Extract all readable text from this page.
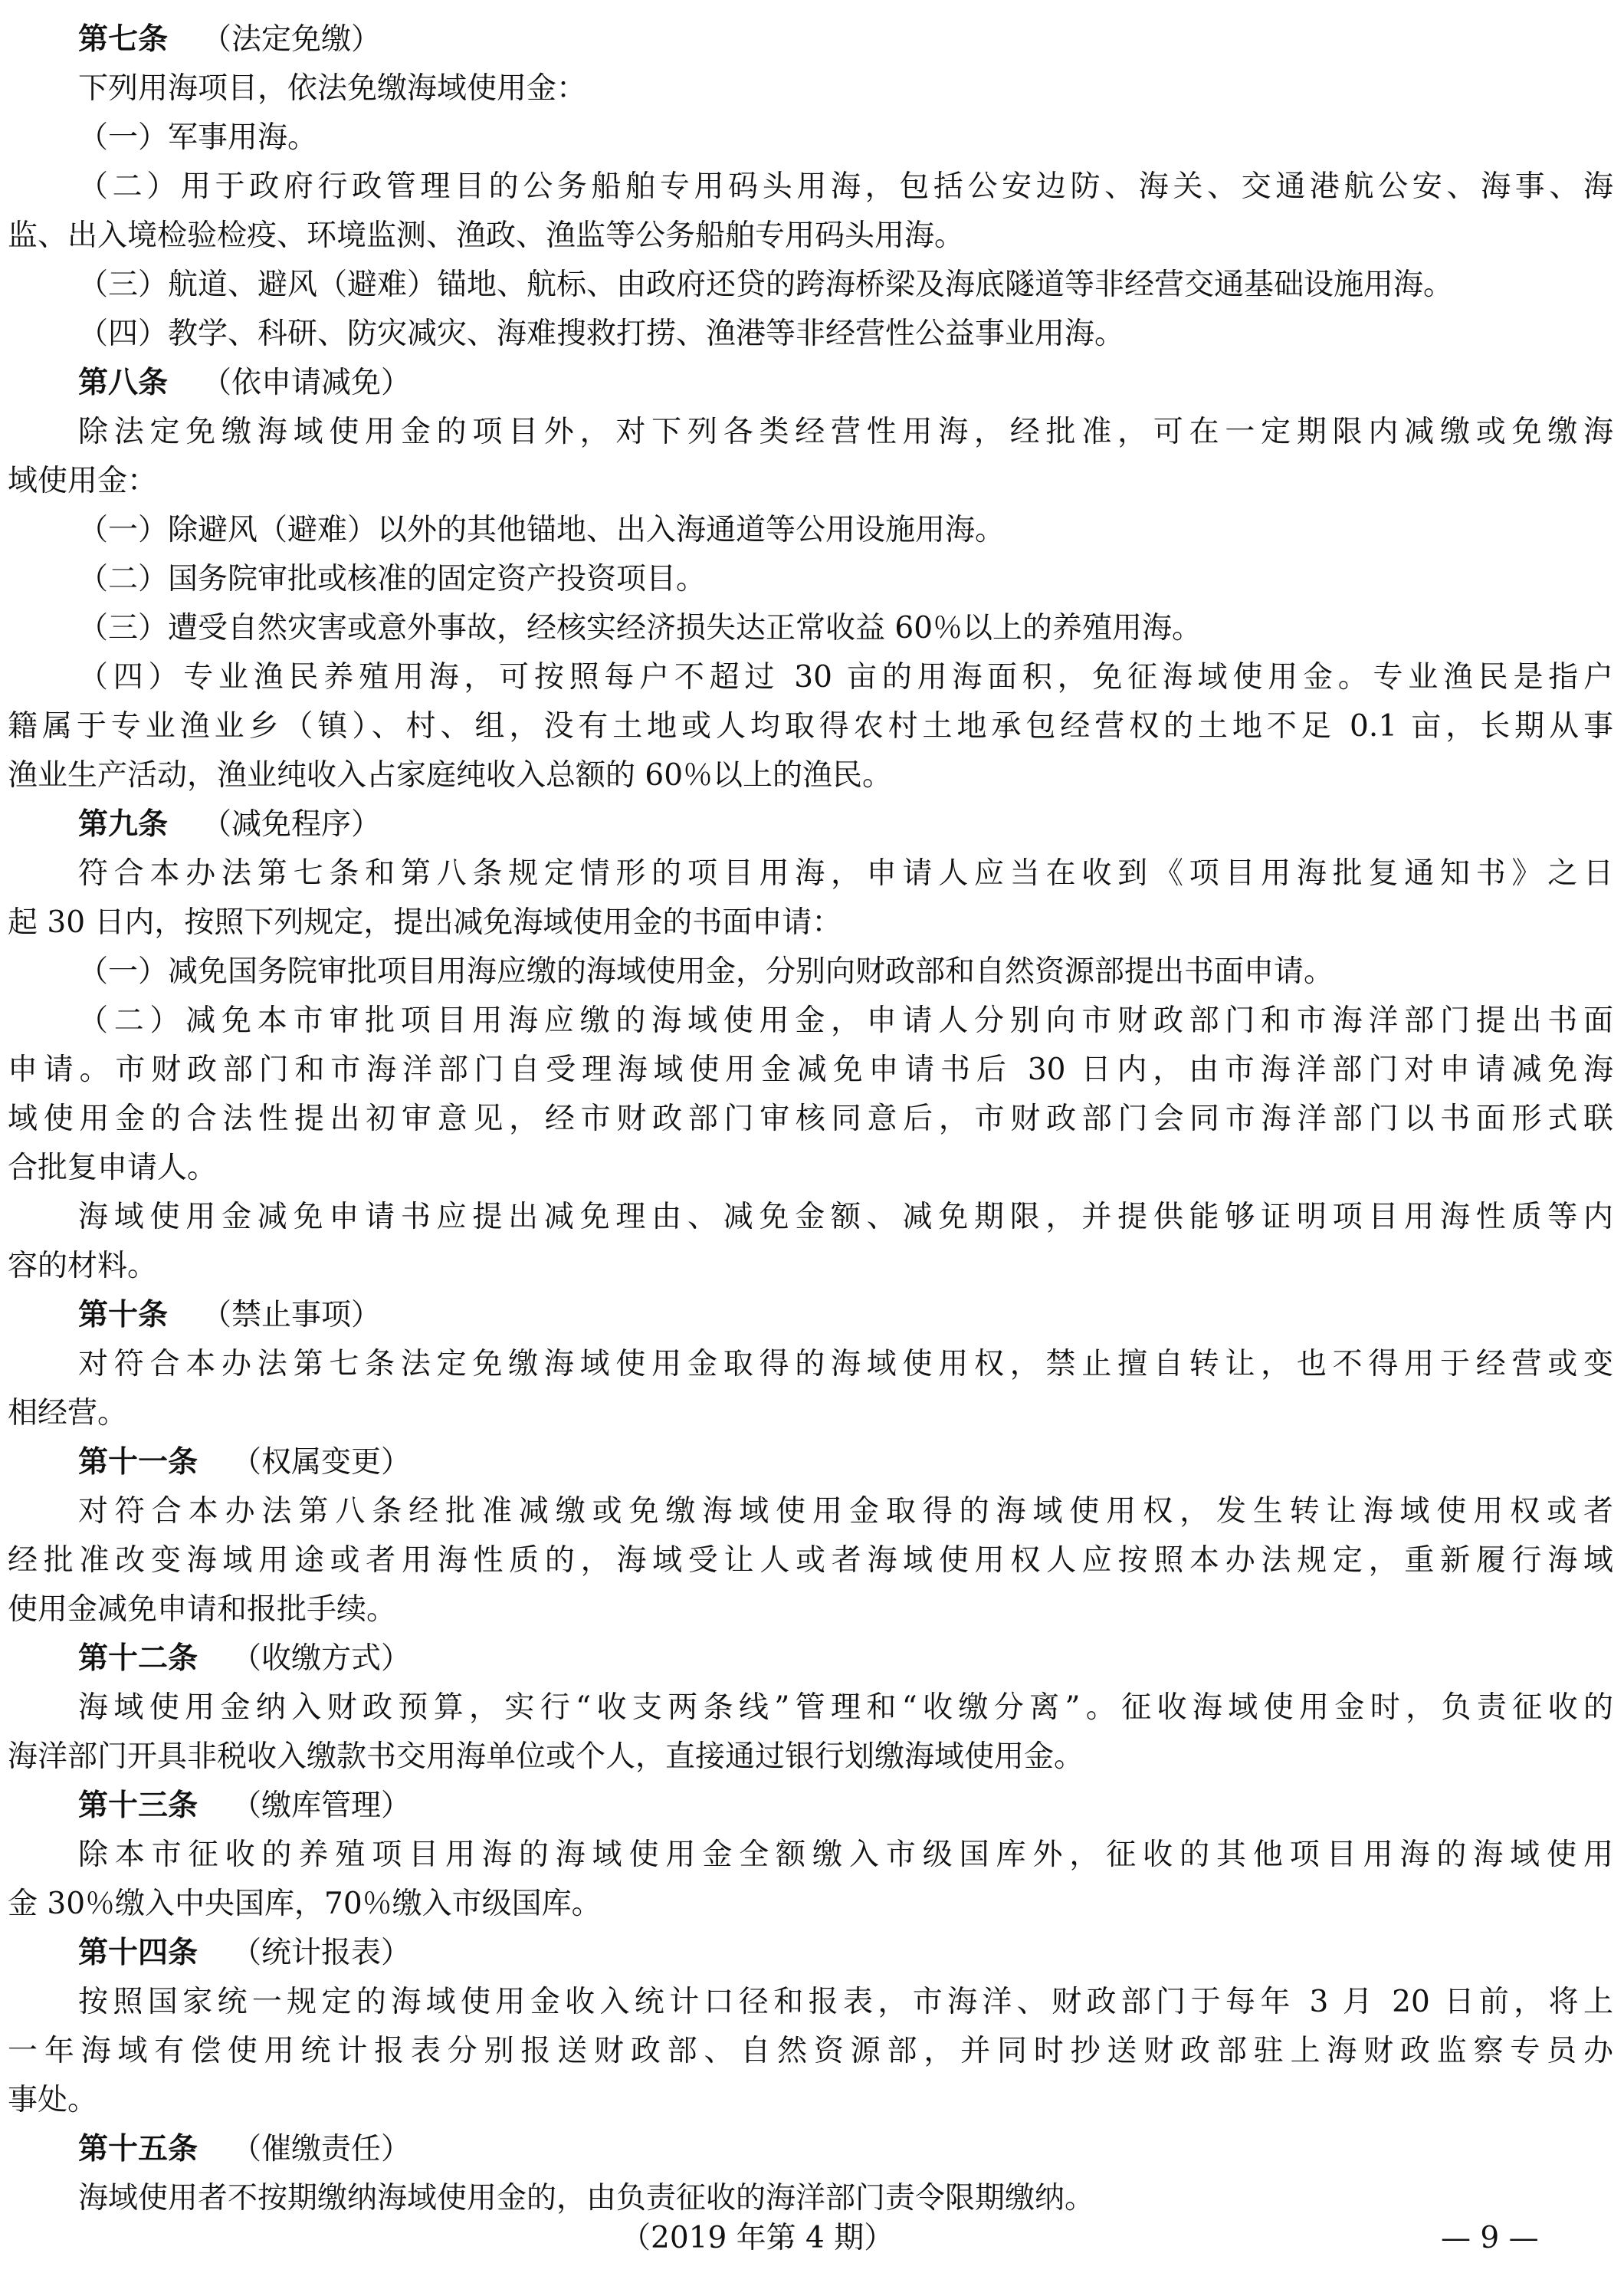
第七条 （法定免缴）
下列用海项目，依法免缴海域使用金：
（一）军事用海。
（二）用于政府行政管理目的公务船舶专用码头用海，包括公安边防、海关、交通港航公安、海事、海
监、出入境检验检疫、环境监测、渔政、渔监等公务船舶专用码头用海。
（三）航道、避风（避难）锚地、航标、由政府还贷的跨海桥梁及海底隧道等非经营交通基础设施用海。
（四）教学、科研、防灾减灾、海难搜救打捞、渔港等非经营性公益事业用海。
第八条 （依申请减免）
除法定免缴海域使用金的项目外，对下列各类经营性用海，经批准，可在一定期限内减缴或免缴海
域使用金：
（一）除避风（避难）以外的其他锚地、出入海通道等公用设施用海。
（二）国务院审批或核准的固定资产投资项目。
（三）遭受自然灾害或意外事故，经核实经济损失达正常收益 60％以上的养殖用海。
（四）专业渔民养殖用海，可按照每户不超过 30 亩的用海面积，免征海域使用金。专业渔民是指户
籍属于专业渔业乡（镇）、村、组，没有土地或人均取得农村土地承包经营权的土地不足 0.1 亩，长期从事
渔业生产活动，渔业纯收入占家庭纯收入总额的 60％以上的渔民。
第九条 （减免程序）
符合本办法第七条和第八条规定情形的项目用海，申请人应当在收到《项目用海批复通知书》之日
起 30 日内，按照下列规定，提出减免海域使用金的书面申请：
（一）减免国务院审批项目用海应缴的海域使用金，分别向财政部和自然资源部提出书面申请。
（二）减免本市审批项目用海应缴的海域使用金，申请人分别向市财政部门和市海洋部门提出书面
申请。市财政部门和市海洋部门自受理海域使用金减免申请书后 30 日内，由市海洋部门对申请减免海
域使用金的合法性提出初审意见，经市财政部门审核同意后，市财政部门会同市海洋部门以书面形式联
合批复申请人。
海域使用金减免申请书应提出减免理由、减免金额、减免期限，并提供能够证明项目用海性质等内
容的材料。
第十条 （禁止事项）
对符合本办法第七条法定免缴海域使用金取得的海域使用权，禁止擅自转让，也不得用于经营或变
相经营。
第十一条 （权属变更）
对符合本办法第八条经批准减缴或免缴海域使用金取得的海域使用权，发生转让海域使用权或者
经批准改变海域用途或者用海性质的，海域受让人或者海域使用权人应按照本办法规定，重新履行海域
使用金减免申请和报批手续。
第十二条 （收缴方式）
海域使用金纳入财政预算，实行“收支两条线”管理和“收缴分离”。征收海域使用金时，负责征收的
海洋部门开具非税收入缴款书交用海单位或个人，直接通过银行划缴海域使用金。
第十三条 （缴库管理）
除本市征收的养殖项目用海的海域使用金全额缴入市级国库外，征收的其他项目用海的海域使用
金 30％缴入中央国库，70％缴入市级国库。
第十四条 （统计报表）
按照国家统一规定的海域使用金收入统计口径和报表，市海洋、财政部门于每年 3 月 20 日前，将上
一年海域有偿使用统计报表分别报送财政部、自然资源部，并同时抄送财政部驻上海财政监察专员办
事处。
第十五条 （催缴责任）
海域使用者不按期缴纳海域使用金的，由负责征收的海洋部门责令限期缴纳。
（2019 年第 4 期）	— 9 —
